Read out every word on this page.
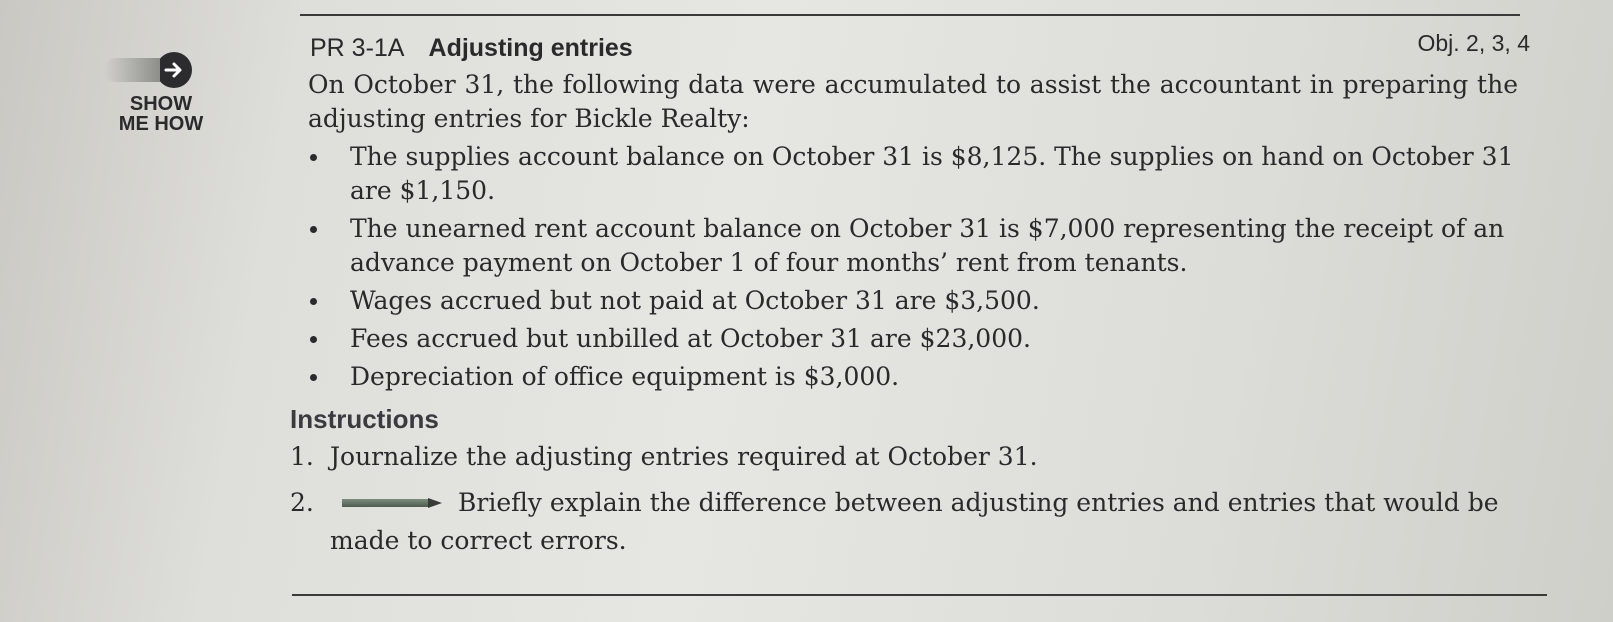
SHOW
ME HOW
PR 3-1A Adjusting entries	Obj. 2, 3, 4
On October 31, the following data were accumulated to assist the accountant in preparing the adjusting entries for Bickle Realty:
The supplies account balance on October 31 is $8,125. The supplies on hand on October 31 are $1,150.
The unearned rent account balance on October 31 is $7,000 representing the receipt of an advance payment on October 1 of four months’ rent from tenants.
Wages accrued but not paid at October 31 are $3,500.
Fees accrued but unbilled at October 31 are $23,000.
Depreciation of office equipment is $3,000.
Instructions
1. Journalize the adjusting entries required at October 31.
2.	Briefly explain the difference between adjusting entries and entries that would be made to correct errors.
